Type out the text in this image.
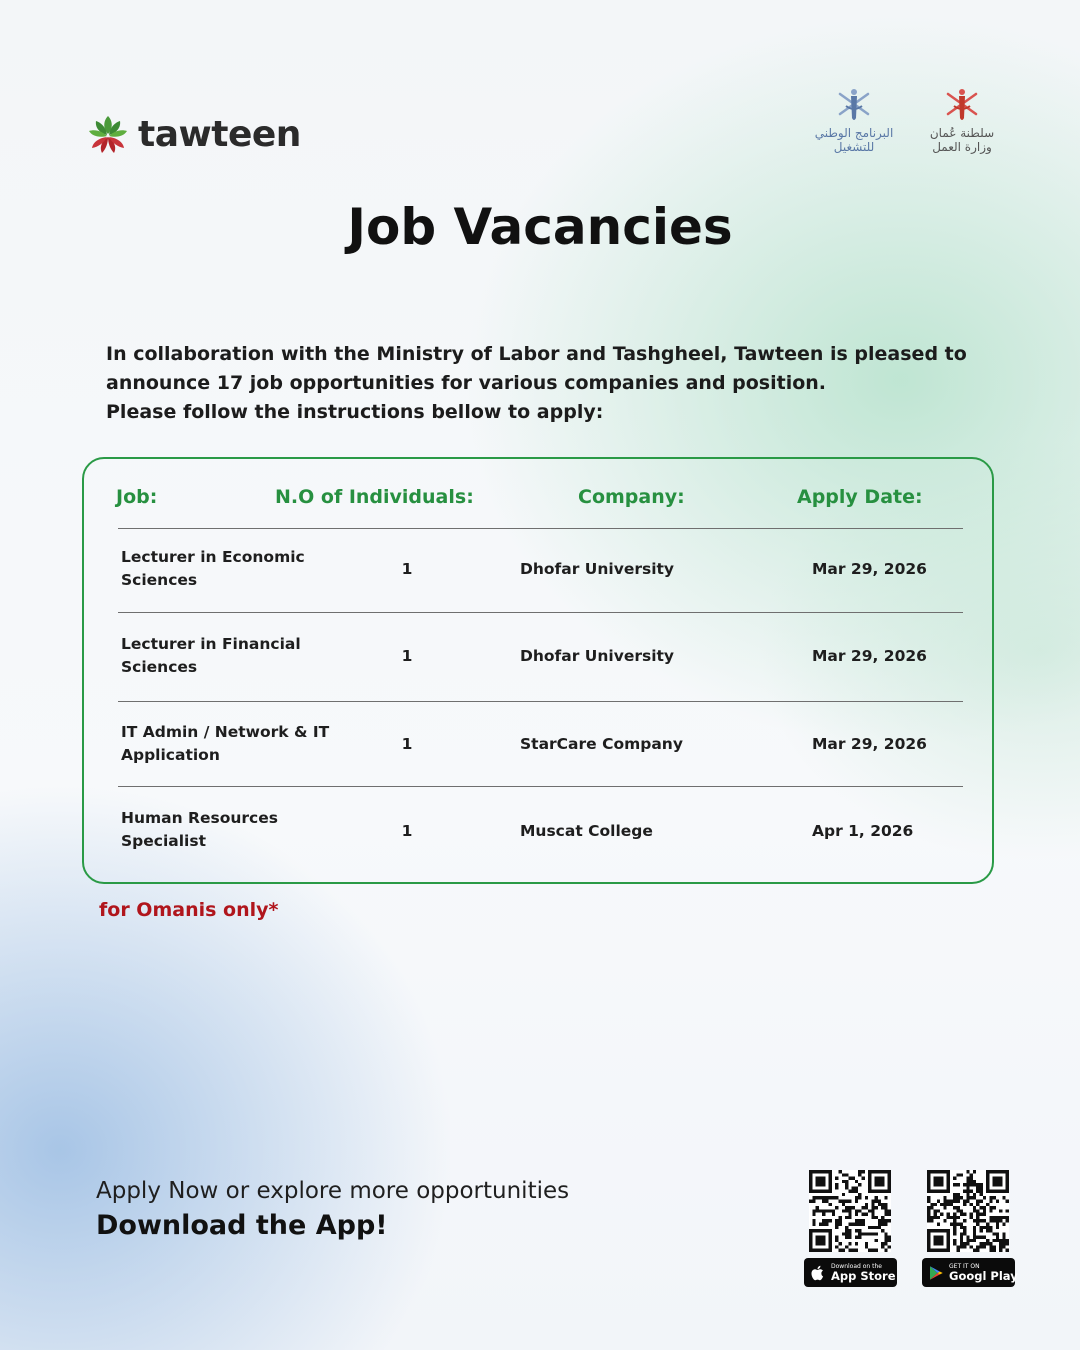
tawteen	البرنامج الوطني للتشغيل
سلطنة عُمان وزارة العمل
Job Vacancies
In collaboration with the Ministry of Labor and Tashgheel, Tawteen is pleased to
announce 17 job opportunities for various companies and position.
Please follow the instructions bellow to apply:
Job:	N.O of Individuals:	Company:	Apply Date:
Lecturer in Economic
Sciences
1	Dhofar University	Mar 29, 2026
Lecturer in Financial
Sciences
1	Dhofar University	Mar 29, 2026
IT Admin / Network & IT
Application
1	StarCare Company	Mar 29, 2026
Human Resources
Specialist
1	Muscat College	Apr 1, 2026

for Omanis only*

Apply Now or explore more opportunities

Download the App!

Download on the
App Store
GET IT ON
Googl Play
